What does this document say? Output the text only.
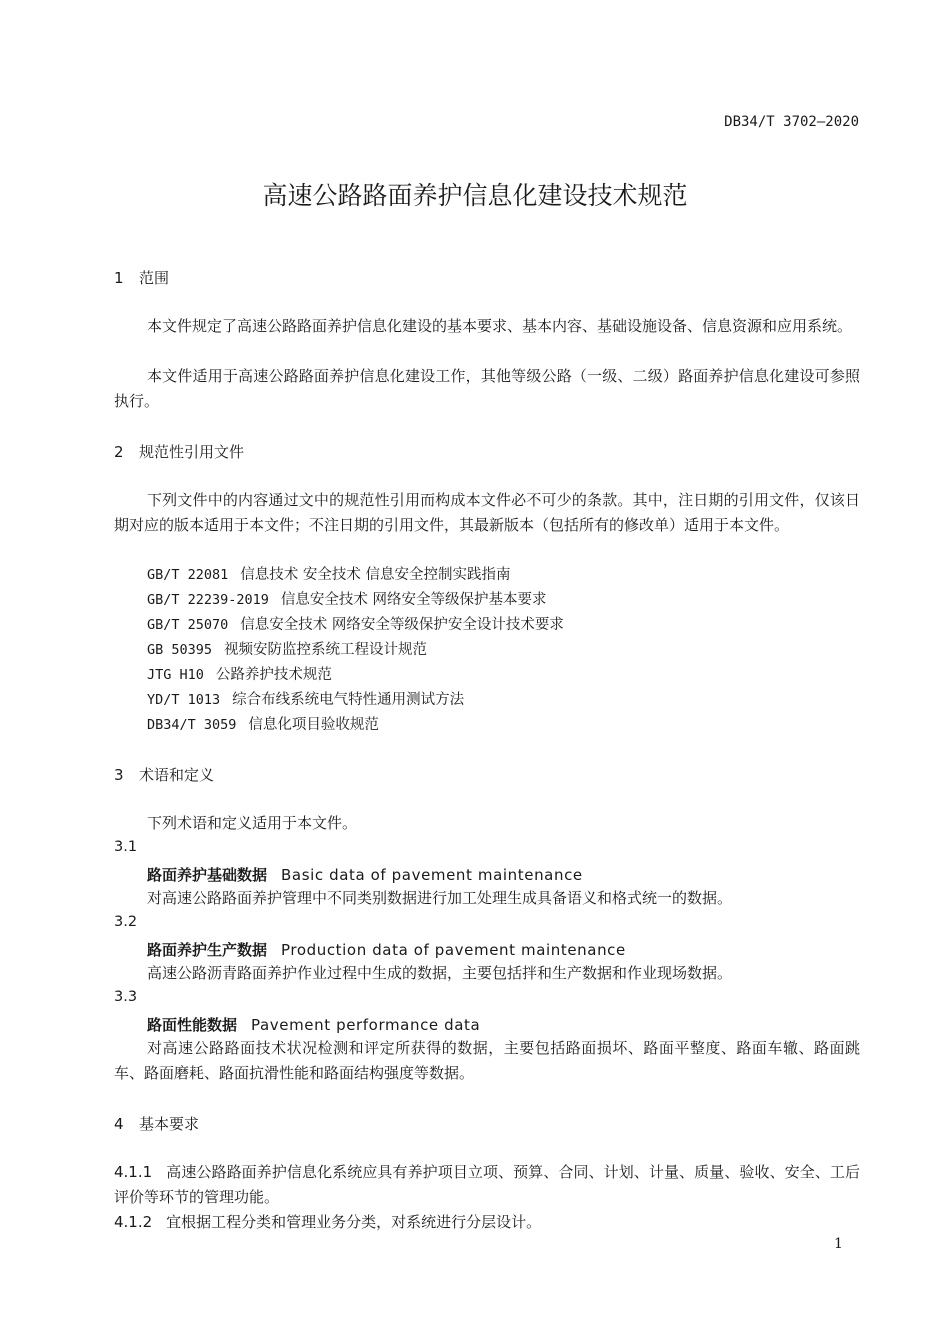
DB34/T 3702—2020
高速公路路面养护信息化建设技术规范
1 范围
本文件规定了高速公路路面养护信息化建设的基本要求、基本内容、基础设施设备、信息资源和应用系统。
本文件适用于高速公路路面养护信息化建设工作，其他等级公路（一级、二级）路面养护信息化建设可参照执行。
2 规范性引用文件
下列文件中的内容通过文中的规范性引用而构成本文件必不可少的条款。其中，注日期的引用文件，仅该日期对应的版本适用于本文件；不注日期的引用文件，其最新版本（包括所有的修改单）适用于本文件。
GB/T 22081 信息技术 安全技术 信息安全控制实践指南
GB/T 22239-2019 信息安全技术 网络安全等级保护基本要求
GB/T 25070 信息安全技术 网络安全等级保护安全设计技术要求
GB 50395 视频安防监控系统工程设计规范
JTG H10 公路养护技术规范
YD/T 1013 综合布线系统电气特性通用测试方法
DB34/T 3059 信息化项目验收规范
3 术语和定义
下列术语和定义适用于本文件。
3.1
路面养护基础数据 Basic data of pavement maintenance
对高速公路路面养护管理中不同类别数据进行加工处理生成具备语义和格式统一的数据。
3.2
路面养护生产数据 Production data of pavement maintenance
高速公路沥青路面养护作业过程中生成的数据，主要包括拌和生产数据和作业现场数据。
3.3
路面性能数据 Pavement performance data
对高速公路路面技术状况检测和评定所获得的数据，主要包括路面损坏、路面平整度、路面车辙、路面跳车、路面磨耗、路面抗滑性能和路面结构强度等数据。
4 基本要求
4.1.1 高速公路路面养护信息化系统应具有养护项目立项、预算、合同、计划、计量、质量、验收、安全、工后评价等环节的管理功能。
4.1.2 宜根据工程分类和管理业务分类，对系统进行分层设计。
1
